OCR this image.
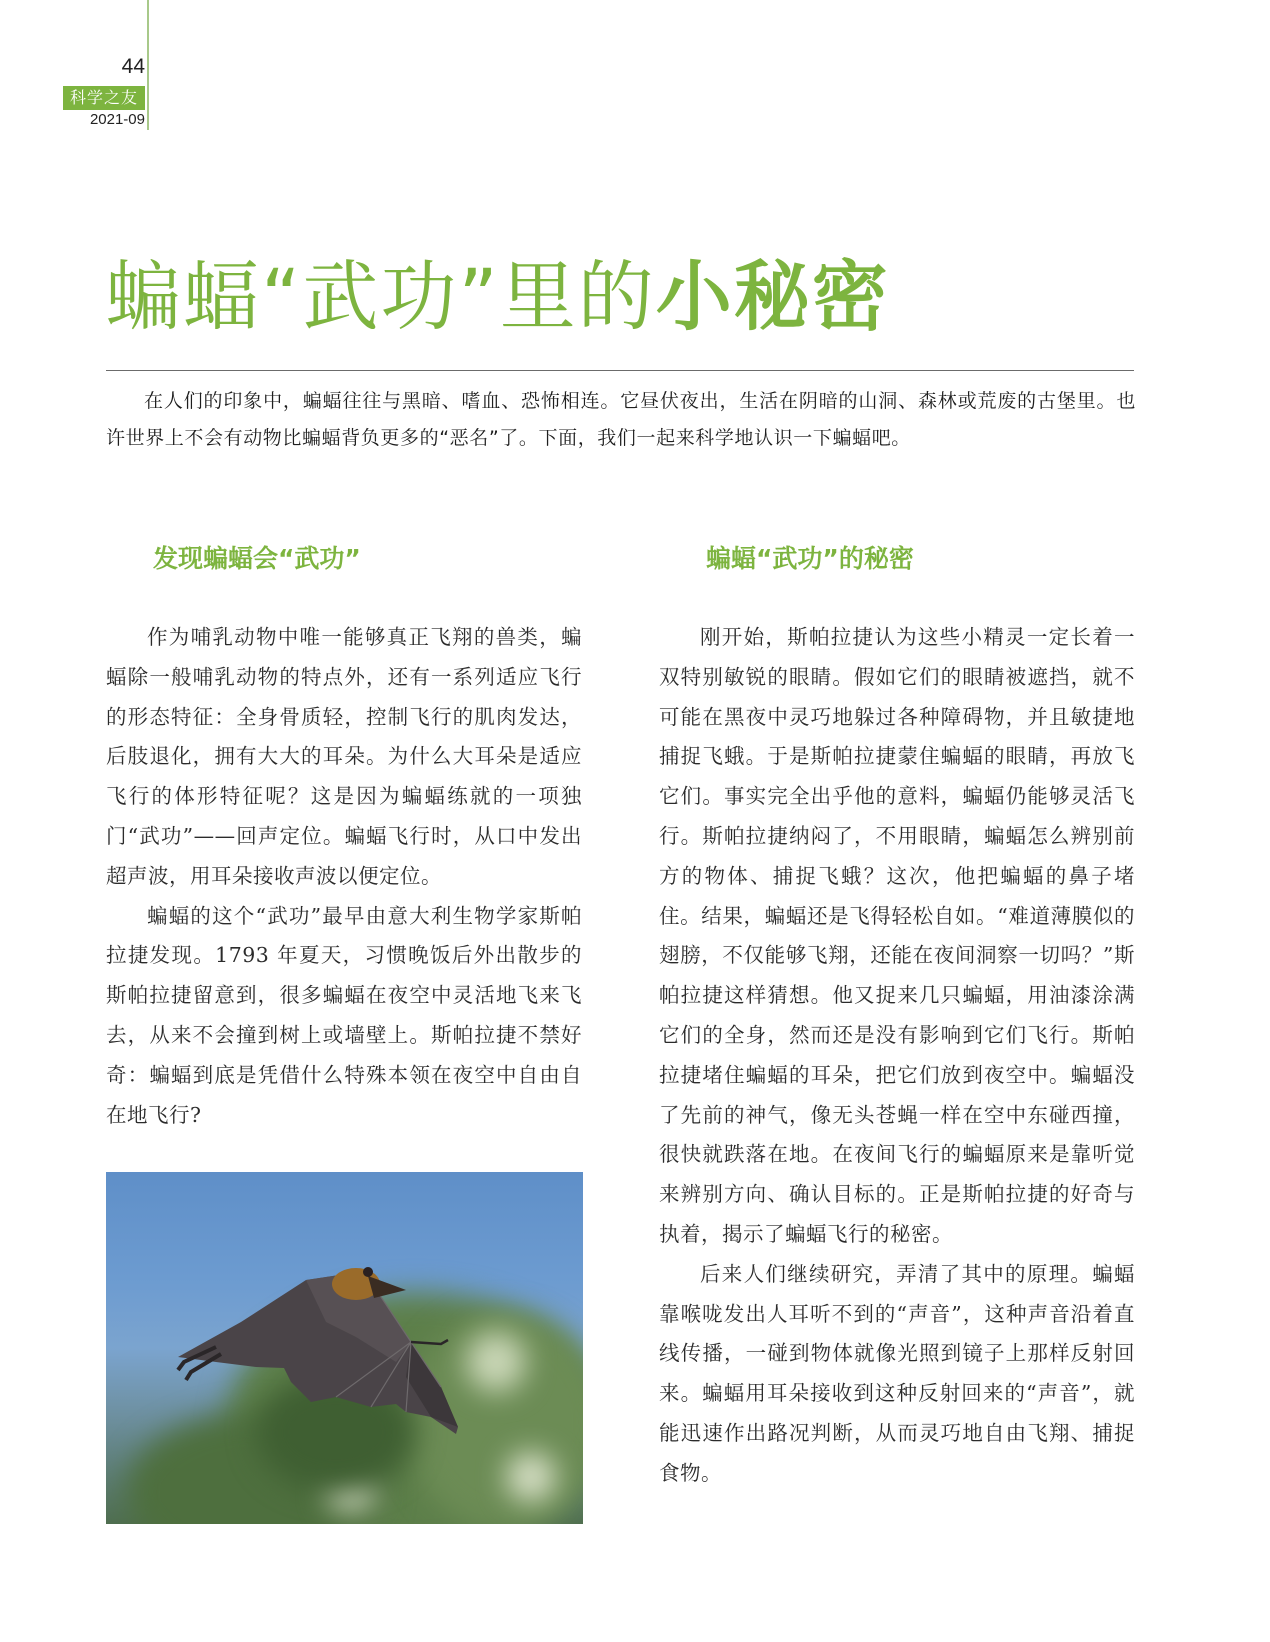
44
科学之友
2021-09
蝙蝠“武功”里的小秘密

在人们的印象中，蝙蝠往往与黑暗、嗜血、恐怖相连。它昼伏夜出，生活在阴暗的山洞、森林或荒废的古堡里。也许世界上不会有动物比蝙蝠背负更多的“恶名”了。下面，我们一起来科学地认识一下蝙蝠吧。

发现蝙蝠会“武功”	蝙蝠“武功”的秘密

作为哺乳动物中唯一能够真正飞翔的兽类，蝙蝠除一般哺乳动物的特点外，还有一系列适应飞行的形态特征：全身骨质轻，控制飞行的肌肉发达，后肢退化，拥有大大的耳朵。为什么大耳朵是适应飞行的体形特征呢？这是因为蝙蝠练就的一项独门“武功”——回声定位。蝙蝠飞行时，从口中发出超声波，用耳朵接收声波以便定位。

蝙蝠的这个“武功”最早由意大利生物学家斯帕拉捷发现。1793 年夏天，习惯晚饭后外出散步的斯帕拉捷留意到，很多蝙蝠在夜空中灵活地飞来飞去，从来不会撞到树上或墙壁上。斯帕拉捷不禁好奇：蝙蝠到底是凭借什么特殊本领在夜空中自由自在地飞行?

刚开始，斯帕拉捷认为这些小精灵一定长着一双特别敏锐的眼睛。假如它们的眼睛被遮挡，就不可能在黑夜中灵巧地躲过各种障碍物，并且敏捷地捕捉飞蛾。于是斯帕拉捷蒙住蝙蝠的眼睛，再放飞它们。事实完全出乎他的意料，蝙蝠仍能够灵活飞行。斯帕拉捷纳闷了，不用眼睛，蝙蝠怎么辨别前方的物体、捕捉飞蛾？这次，他把蝙蝠的鼻子堵住。结果，蝙蝠还是飞得轻松自如。“难道薄膜似的翅膀，不仅能够飞翔，还能在夜间洞察一切吗？”斯帕拉捷这样猜想。他又捉来几只蝙蝠，用油漆涂满它们的全身，然而还是没有影响到它们飞行。斯帕拉捷堵住蝙蝠的耳朵，把它们放到夜空中。蝙蝠没了先前的神气，像无头苍蝇一样在空中东碰西撞，很快就跌落在地。在夜间飞行的蝙蝠原来是靠听觉来辨别方向、确认目标的。正是斯帕拉捷的好奇与执着，揭示了蝙蝠飞行的秘密。

后来人们继续研究，弄清了其中的原理。蝙蝠靠喉咙发出人耳听不到的“声音”，这种声音沿着直线传播，一碰到物体就像光照到镜子上那样反射回来。蝙蝠用耳朵接收到这种反射回来的“声音”，就能迅速作出路况判断，从而灵巧地自由飞翔、捕捉食物。
